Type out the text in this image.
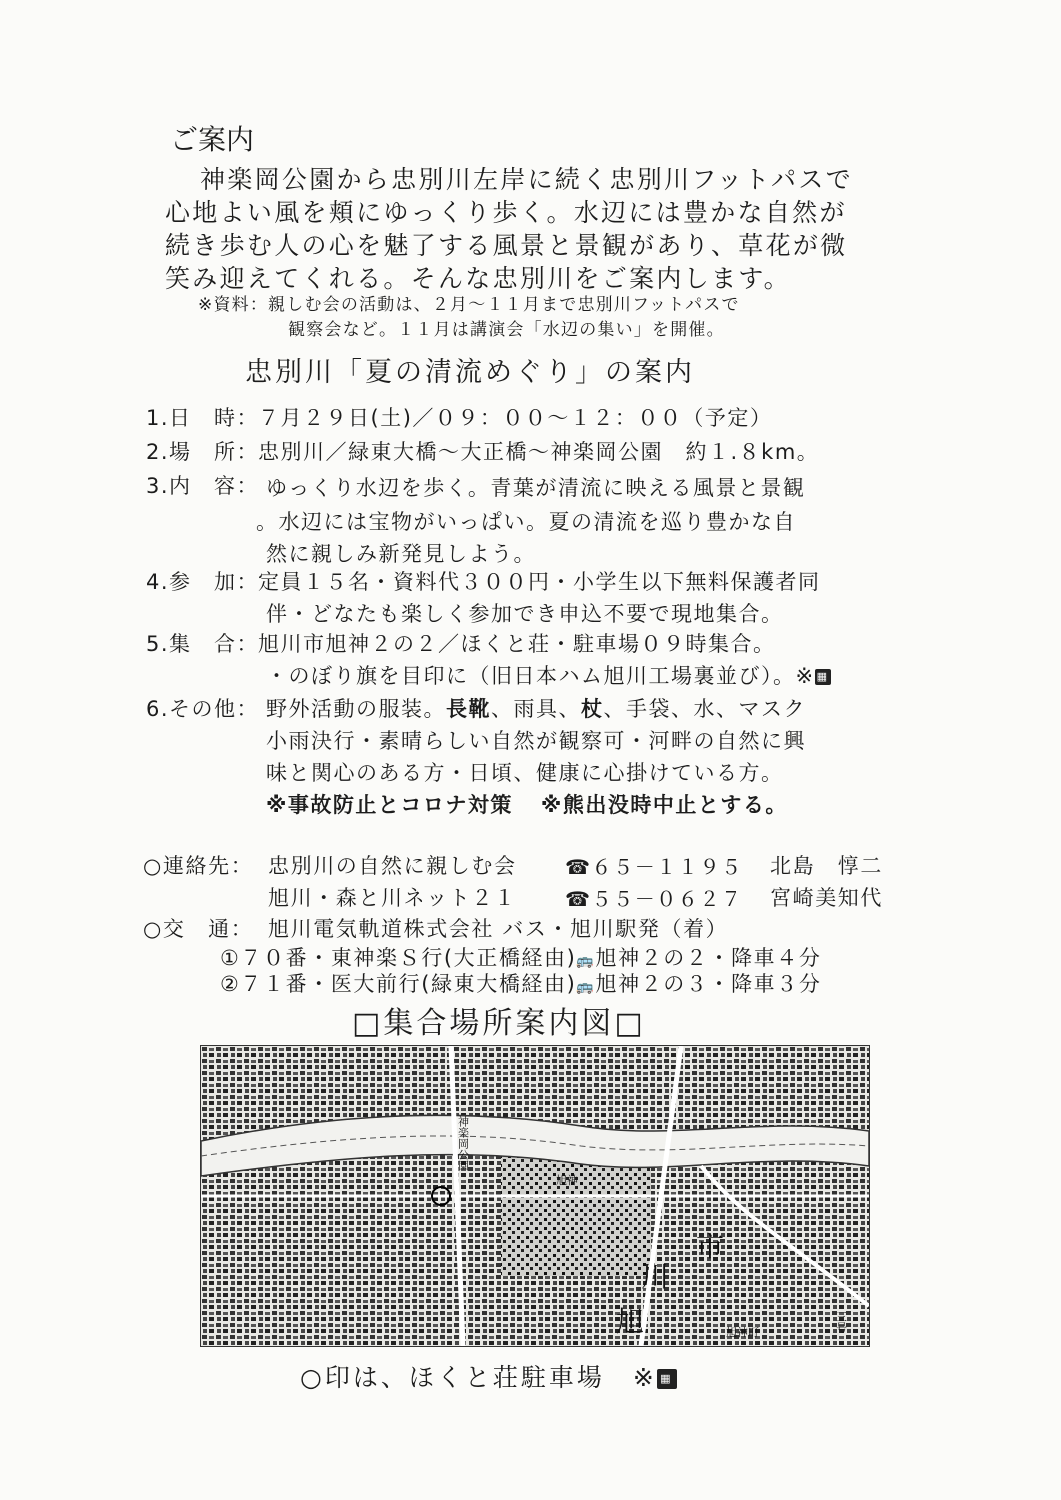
ご案内
神楽岡公園から忠別川左岸に続く忠別川フットパスで
心地よい風を頬にゆっくり歩く。水辺には豊かな自然が
続き歩む人の心を魅了する風景と景観があり、草花が微
笑み迎えてくれる。そんな忠別川をご案内します。
※資料：親しむ会の活動は、２月～１１月まで忠別川フットパスで
観察会など。１１月は講演会「水辺の集い」を開催。
忠別川「夏の清流めぐり」の案内
1.日　時：
７月２９日(土)／０９：００～１２：００（予定）
2.場　所：
忠別川／緑東大橋～大正橋～神楽岡公園　約１.８km。
3.内　容： ゆっくり水辺を歩く。青葉が清流に映える風景と景観
。水辺には宝物がいっぱい。夏の清流を巡り豊かな自
然に親しみ新発見しよう。
4.参　加：
定員１５名・資料代３００円・小学生以下無料保護者同
伴・どなたも楽しく参加でき申込不要で現地集合。
5.集　合：
旭川市旭神２の２／ほくと荘・駐車場０９時集合。
・のぼり旗を目印に（旧日本ハム旭川工場裏並び）。※ ▦
6.その他： 野外活動の服装。長靴、雨具、杖、手袋、水、マスク
小雨決行・素晴らしい自然が観察可・河畔の自然に興
味と関心のある方・日頃、健康に心掛けている方。
※事故防止とコロナ対策 ※熊出没時中止とする。
○連絡先： 忠別川の自然に親しむ会 ☎６５－１１９５ 北島　惇二
旭川・森と川ネット２１ ☎５５－０６２７ 宮崎美知代
○交　通： 旭川電気軌道株式会社 バス・旭川駅発（着）
①７０番・東神楽Ｓ行(大正橋経由)🚌旭神２の２・降車４分
②７１番・医大前行(緑東大橋経由)🚌旭神２の３・降車３分
□集合場所案内図□
神楽岡公園
旭神
旭
川
市
旭神町	三号
○印は、ほくと荘駐車場　※ ▦
